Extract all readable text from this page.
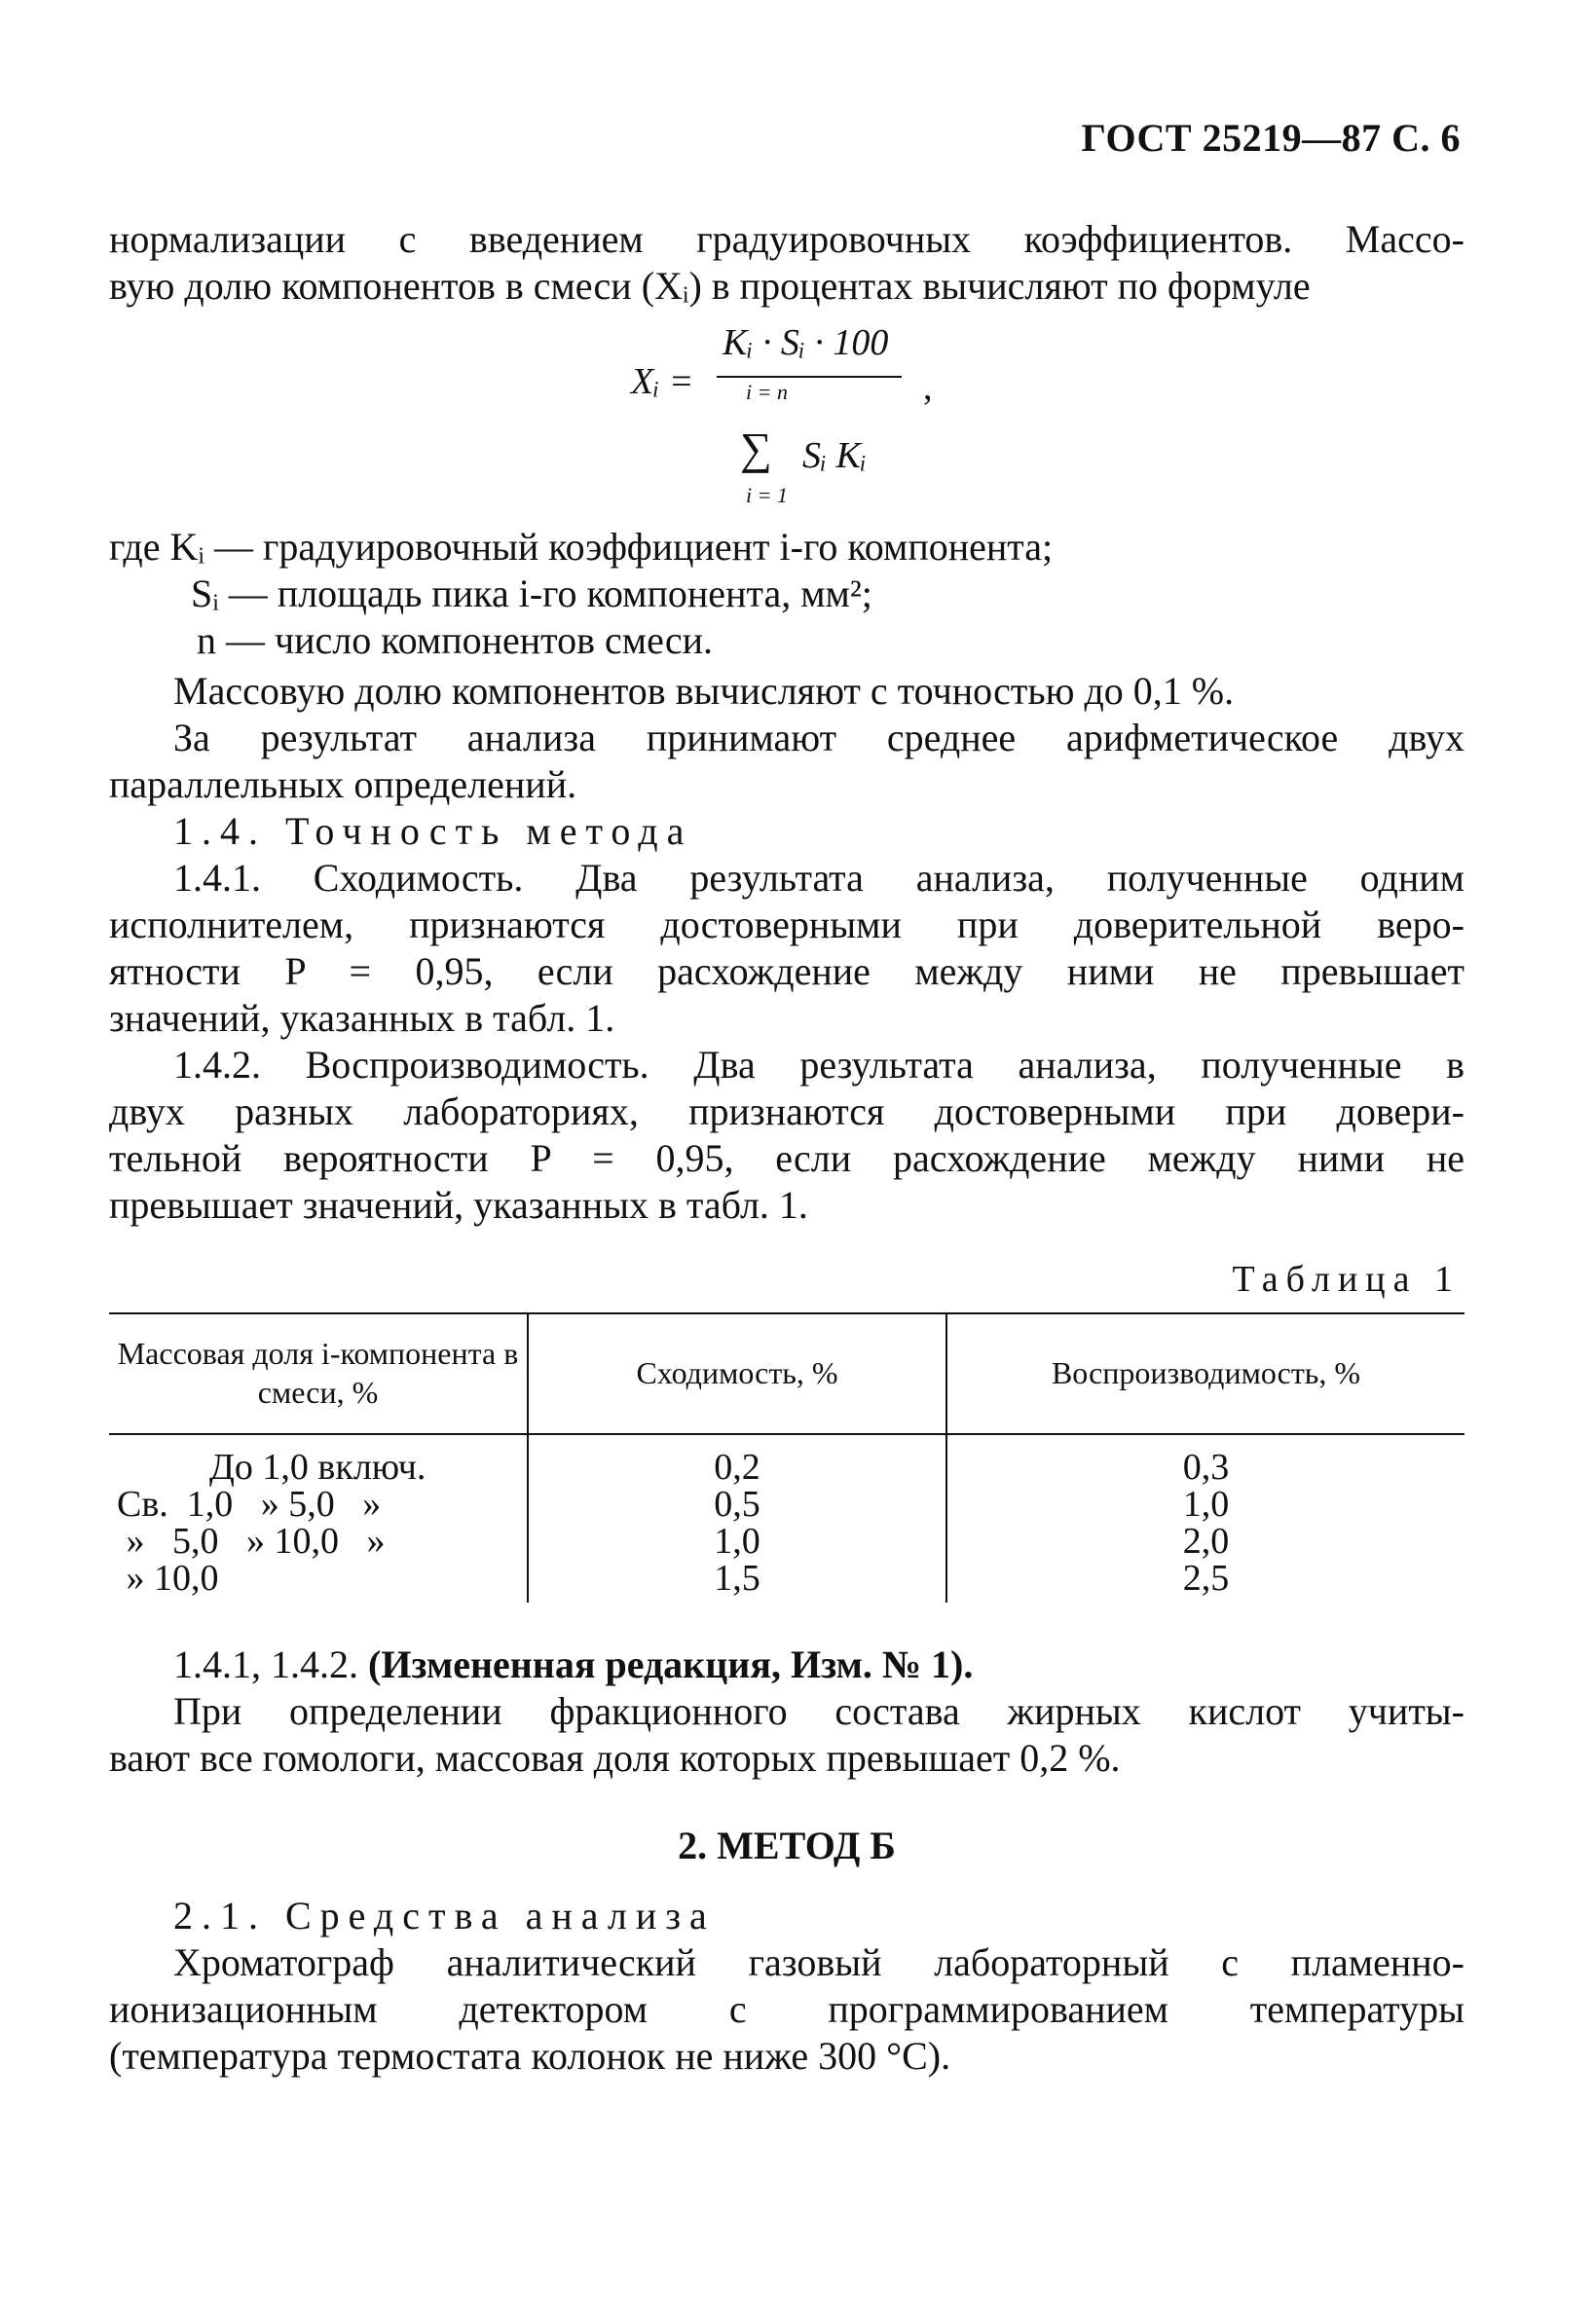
ГОСТ 25219—87 С. 6

нормализации с введением градуировочных коэффициентов. Массо-

вую долю компонентов в смеси (Xᵢ) в процентах вычисляют по формуле

Xᵢ =
Kᵢ · Sᵢ · 100
i = n
∑ Sᵢ Kᵢ
i = 1
,
где Kᵢ — градуировочный коэффициент i-го компонента;
Sᵢ — площадь пика i-го компонента, мм²;
n — число компонентов смеси.

Массовую долю компонентов вычисляют с точностью до 0,1 %.

За результат анализа принимают среднее арифметическое двух

параллельных определений.

1.4. Точность метода

1.4.1. Сходимость. Два результата анализа, полученные одним

исполнителем, признаются достоверными при доверительной веро-

ятности P = 0,95, если расхождение между ними не превышает

значений, указанных в табл. 1.

1.4.2. Воспроизводимость. Два результата анализа, полученные в

двух разных лабораториях, признаются достоверными при довери-

тельной вероятности P = 0,95, если расхождение между ними не

превышает значений, указанных в табл. 1.

Таблица 1
Массовая доля i-компонента в смеси, %	Сходимость, %	Воспроизводимость, %
До 1,0 включ.	0,2	0,3
Св.  1,0   » 5,0   »	0,5	1,0
»   5,0   » 10,0   »	1,0	2,0
» 10,0	1,5	2,5

1.4.1, 1.4.2. (Измененная редакция, Изм. № 1).

При определении фракционного состава жирных кислот учиты-

вают все гомологи, массовая доля которых превышает 0,2 %.

2. МЕТОД Б

2.1. Средства анализа

Хроматограф аналитический газовый лабораторный с пламенно-

ионизационным детектором с программированием температуры

(температура термостата колонок не ниже 300 °С).
